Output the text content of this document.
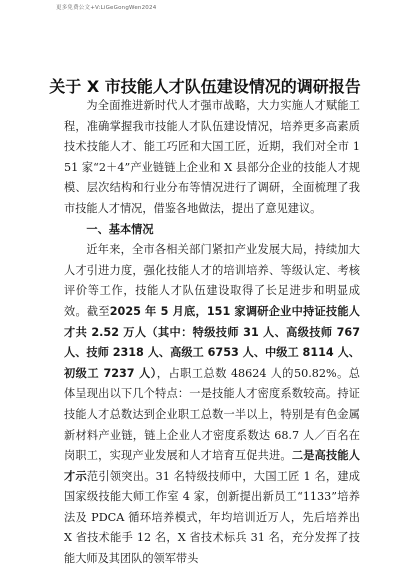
更多免费公文+V:LiGeGongWen2024
关于 X 市技能人才队伍建设情况的调研报告

为全面推进新时代人才强市战略，大力实施人才赋能工程，准确掌握我市技能人才队伍建设情况，培养更多高素质技术技能人才、能工巧匠和大国工匠，近期，我们对全市 151 家“2＋4”产业链链上企业和 X 县部分企业的技能人才规模、层次结构和行业分布等情况进行了调研，全面梳理了我市技能人才情况，借鉴各地做法，提出了意见建议。

一、基本情况

近年来，全市各相关部门紧扣产业发展大局，持续加大人才引进力度，强化技能人才的培训培养、等级认定、考核评价等工作，技能人才队伍建设取得了长足进步和明显成效。截至2025 年 5 月底，151 家调研企业中持证技能人才共 2.52 万人（其中：特级技师 31 人、高级技师 767 人、技师 2318 人、高级工 6753 人、中级工 8114 人、初级工 7237 人），占职工总数 48624 人的50.82%。总体呈现出以下几个特点：一是技能人才密度系数较高。持证技能人才总数达到企业职工总数一半以上，特别是有色金属新材料产业链，链上企业人才密度系数达 68.7 人／百名在岗职工，实现产业发展和人才培育互促共进。二是高技能人才示范引领突出。31 名特级技师中，大国工匠 1 名，建成国家级技能大师工作室 4 家，创新提出新员工“1133”培养法及 PDCA 循环培养模式，年均培训近万人，先后培养出 X 省技术能手 12 名，X 省技术标兵 31 名，充分发挥了技能大师及其团队的领军带头
